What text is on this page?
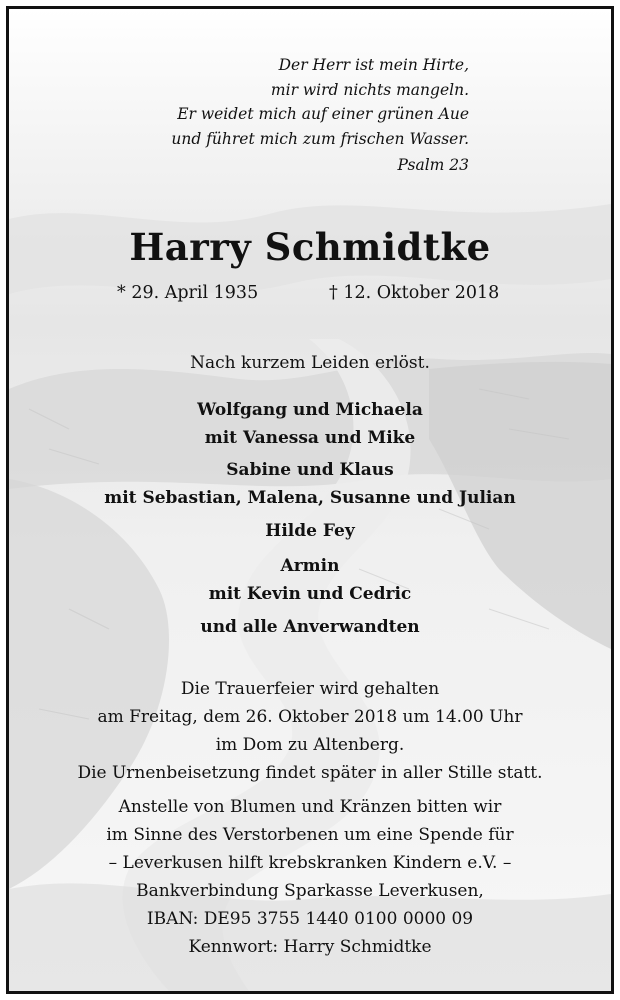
Der Herr ist mein Hirte,
mir wird nichts mangeln.
Er weidet mich auf einer grünen Aue
und führet mich zum frischen Wasser.
Psalm 23
Harry Schmidtke
* 29. April 1935	† 12. Oktober 2018
Nach kurzem Leiden erlöst.
Wolfgang und Michaela
mit Vanessa und Mike
Sabine und Klaus
mit Sebastian, Malena, Susanne und Julian
Hilde Fey
Armin
mit Kevin und Cedric
und alle Anverwandten
Die Trauerfeier wird gehalten
am Freitag, dem 26. Oktober 2018 um 14.00 Uhr
im Dom zu Altenberg.
Die Urnenbeisetzung findet später in aller Stille statt.
Anstelle von Blumen und Kränzen bitten wir
im Sinne des Verstorbenen um eine Spende für
– Leverkusen hilft krebskranken Kindern e.V. –
Bankverbindung Sparkasse Leverkusen,
IBAN: DE95 3755 1440 0100 0000 09
Kennwort: Harry Schmidtke
